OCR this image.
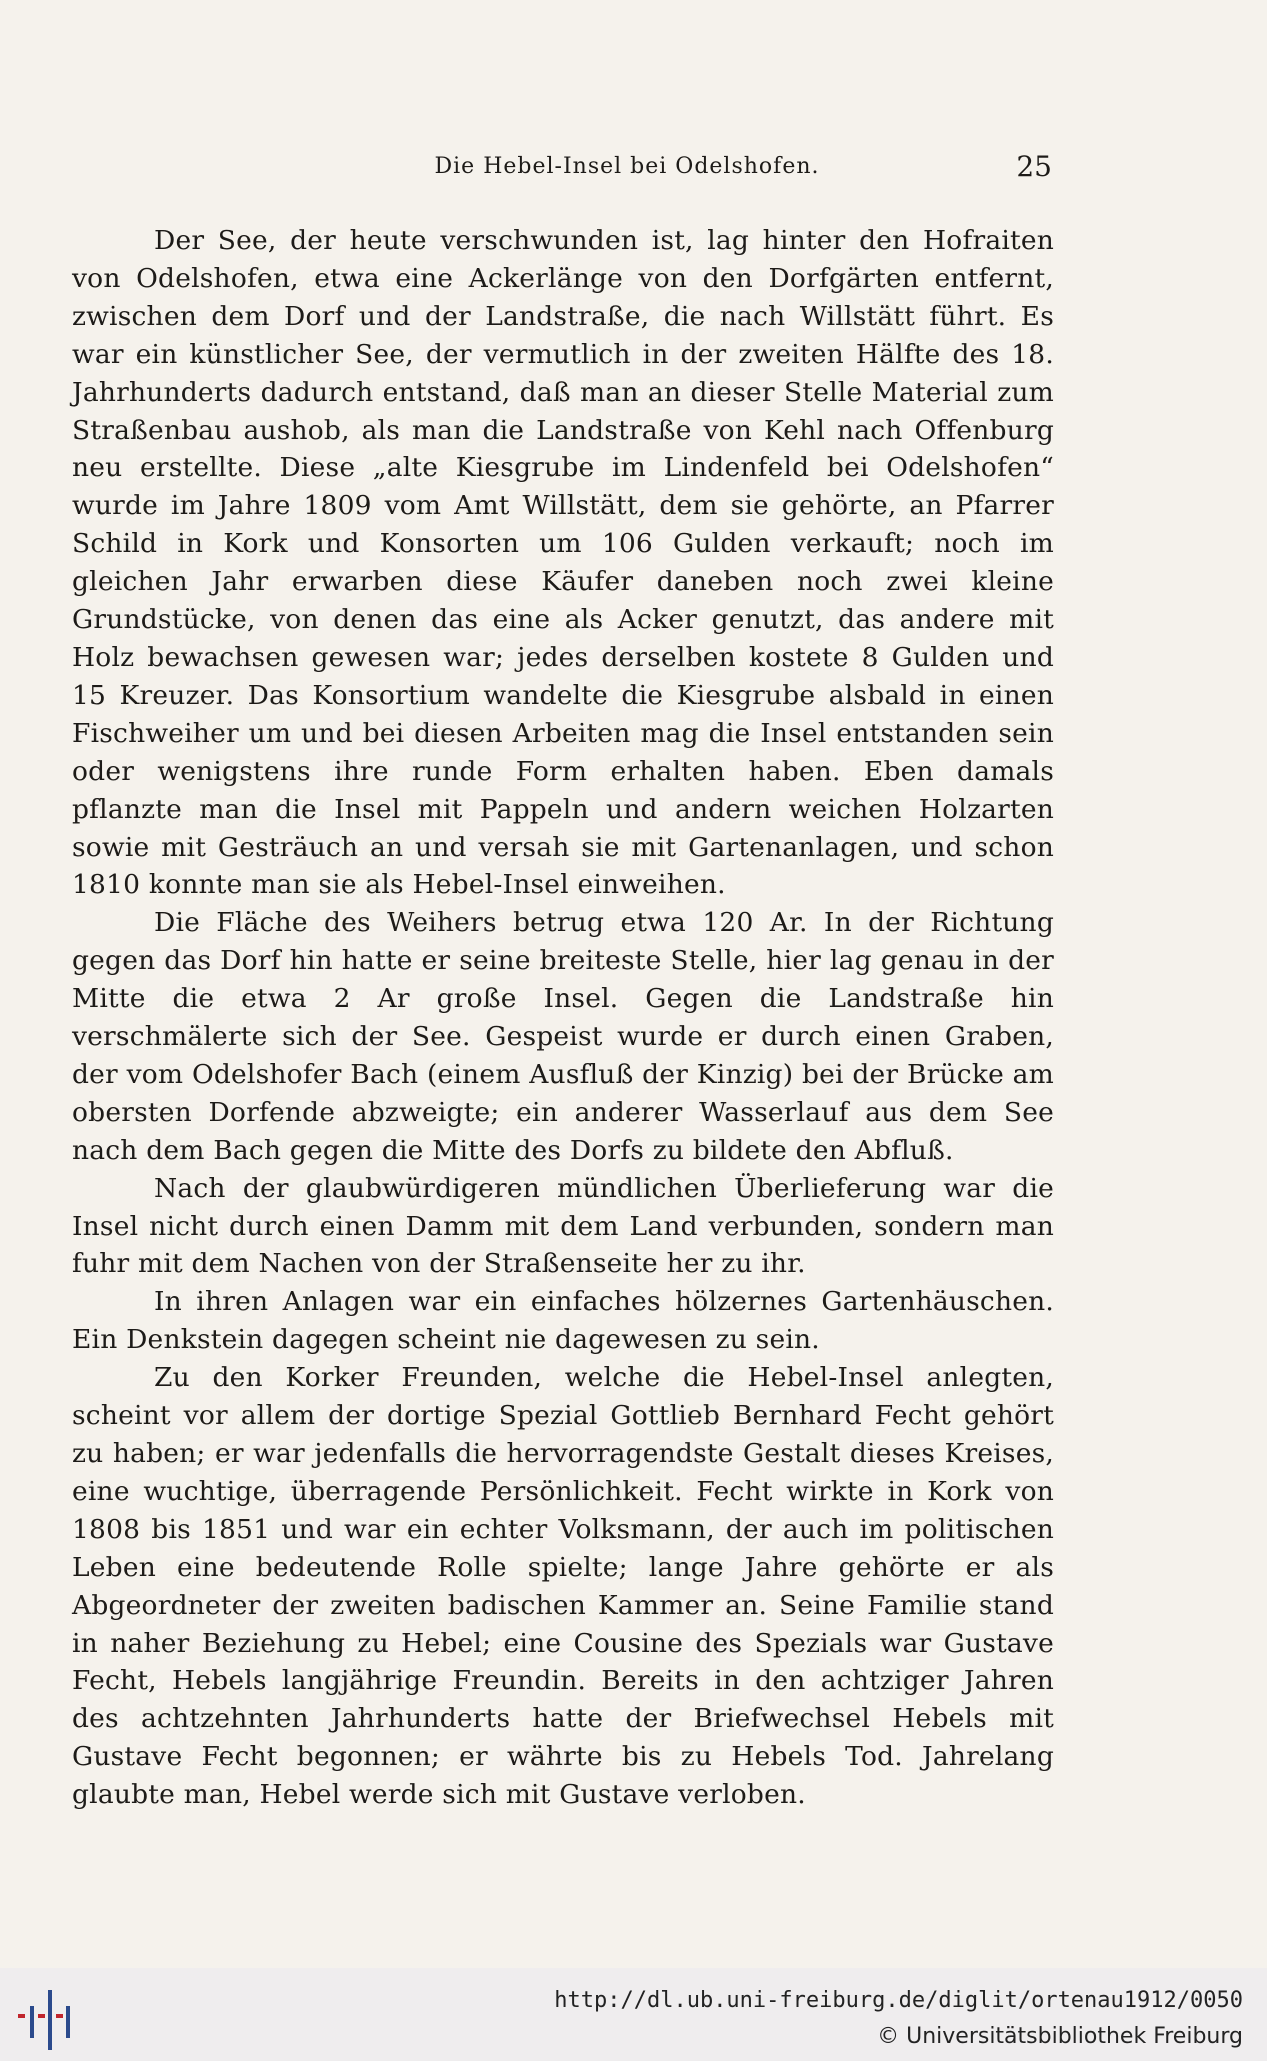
Die Hebel-Insel bei Odelshofen.	25

Der See, der heute verschwunden ist, lag hinter den Hofraiten von Odelshofen, etwa eine Ackerlänge von den Dorfgärten entfernt, zwischen dem Dorf und der Landstraße, die nach Willstätt führt. Es war ein künstlicher See, der vermutlich in der zweiten Hälfte des 18. Jahrhunderts dadurch entstand, daß man an dieser Stelle Material zum Straßenbau aushob, als man die Landstraße von Kehl nach Offenburg neu erstellte. Diese „alte Kiesgrube im Lindenfeld bei Odelshofen“ wurde im Jahre 1809 vom Amt Willstätt, dem sie gehörte, an Pfarrer Schild in Kork und Konsorten um 106 Gulden verkauft; noch im gleichen Jahr erwarben diese Käufer daneben noch zwei kleine Grundstücke, von denen das eine als Acker genutzt, das andere mit Holz bewachsen gewesen war; jedes derselben kostete 8 Gulden und 15 Kreuzer. Das Konsortium wandelte die Kiesgrube alsbald in einen Fischweiher um und bei diesen Arbeiten mag die Insel entstanden sein oder wenigstens ihre runde Form erhalten haben. Eben damals pflanzte man die Insel mit Pappeln und andern weichen Holzarten sowie mit Gesträuch an und versah sie mit Gartenanlagen, und schon 1810 konnte man sie als Hebel-Insel einweihen.

Die Fläche des Weihers betrug etwa 120 Ar. In der Richtung gegen das Dorf hin hatte er seine breiteste Stelle, hier lag genau in der Mitte die etwa 2 Ar große Insel. Gegen die Landstraße hin verschmälerte sich der See. Gespeist wurde er durch einen Graben, der vom Odelshofer Bach (einem Ausfluß der Kinzig) bei der Brücke am obersten Dorfende abzweigte; ein anderer Wasserlauf aus dem See nach dem Bach gegen die Mitte des Dorfs zu bildete den Abfluß.

Nach der glaubwürdigeren mündlichen Überlieferung war die Insel nicht durch einen Damm mit dem Land verbunden, sondern man fuhr mit dem Nachen von der Straßenseite her zu ihr.

In ihren Anlagen war ein einfaches hölzernes Gartenhäuschen. Ein Denkstein dagegen scheint nie dagewesen zu sein.

Zu den Korker Freunden, welche die Hebel-Insel anlegten, scheint vor allem der dortige Spezial Gottlieb Bernhard Fecht gehört zu haben; er war jedenfalls die hervorragendste Gestalt dieses Kreises, eine wuchtige, überragende Persönlichkeit. Fecht wirkte in Kork von 1808 bis 1851 und war ein echter Volksmann, der auch im politischen Leben eine bedeutende Rolle spielte; lange Jahre gehörte er als Abgeordneter der zweiten badischen Kammer an. Seine Familie stand in naher Beziehung zu Hebel; eine Cousine des Spezials war Gustave Fecht, Hebels langjährige Freundin. Bereits in den achtziger Jahren des achtzehnten Jahrhunderts hatte der Briefwechsel Hebels mit Gustave Fecht begonnen; er währte bis zu Hebels Tod. Jahrelang glaubte man, Hebel werde sich mit Gustave verloben.

http://dl.ub.uni-freiburg.de/diglit/ortenau1912/0050
© Universitätsbibliothek Freiburg
